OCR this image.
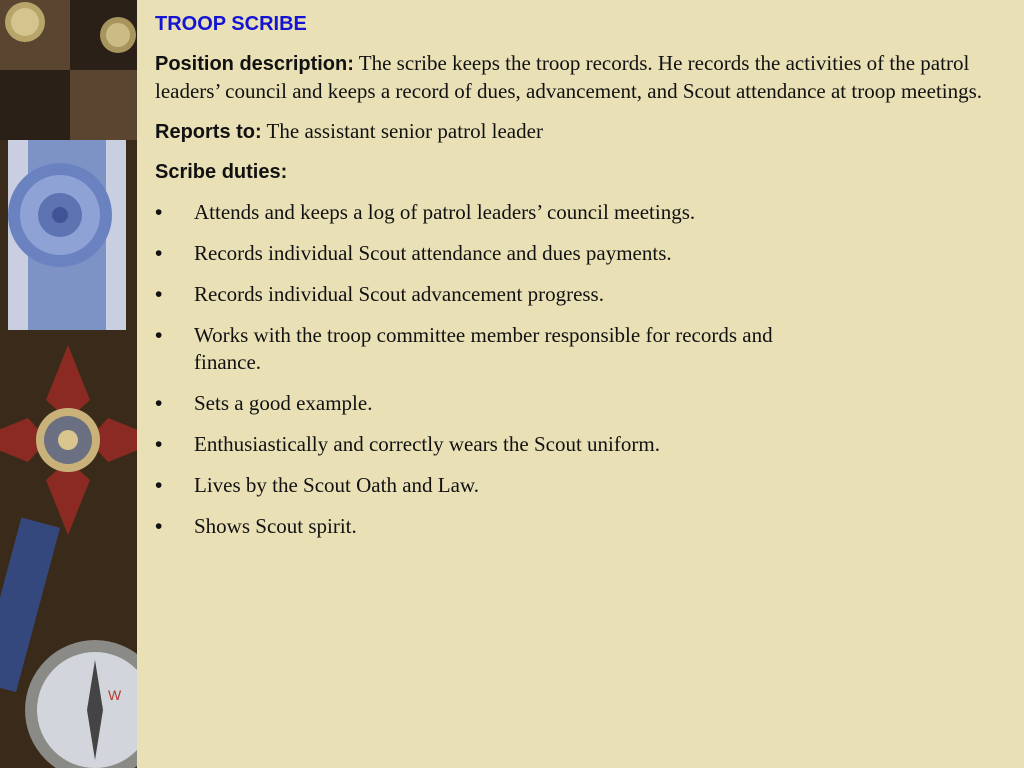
W
TROOP SCRIBE

Position description: The scribe keeps the troop records. He records the activities of the patrol leaders’ council and keeps a record of dues, advancement, and Scout attendance at troop meetings.

Reports to: The assistant senior patrol leader

Scribe duties:
• Attends and keeps a log of patrol leaders’ council meetings.
• Records individual Scout attendance and dues payments.
• Records individual Scout advancement progress.
• Works with the troop committee member responsible for records and finance.
• Sets a good example.
• Enthusiastically and correctly wears the Scout uniform.
• Lives by the Scout Oath and Law.
• Shows Scout spirit.
